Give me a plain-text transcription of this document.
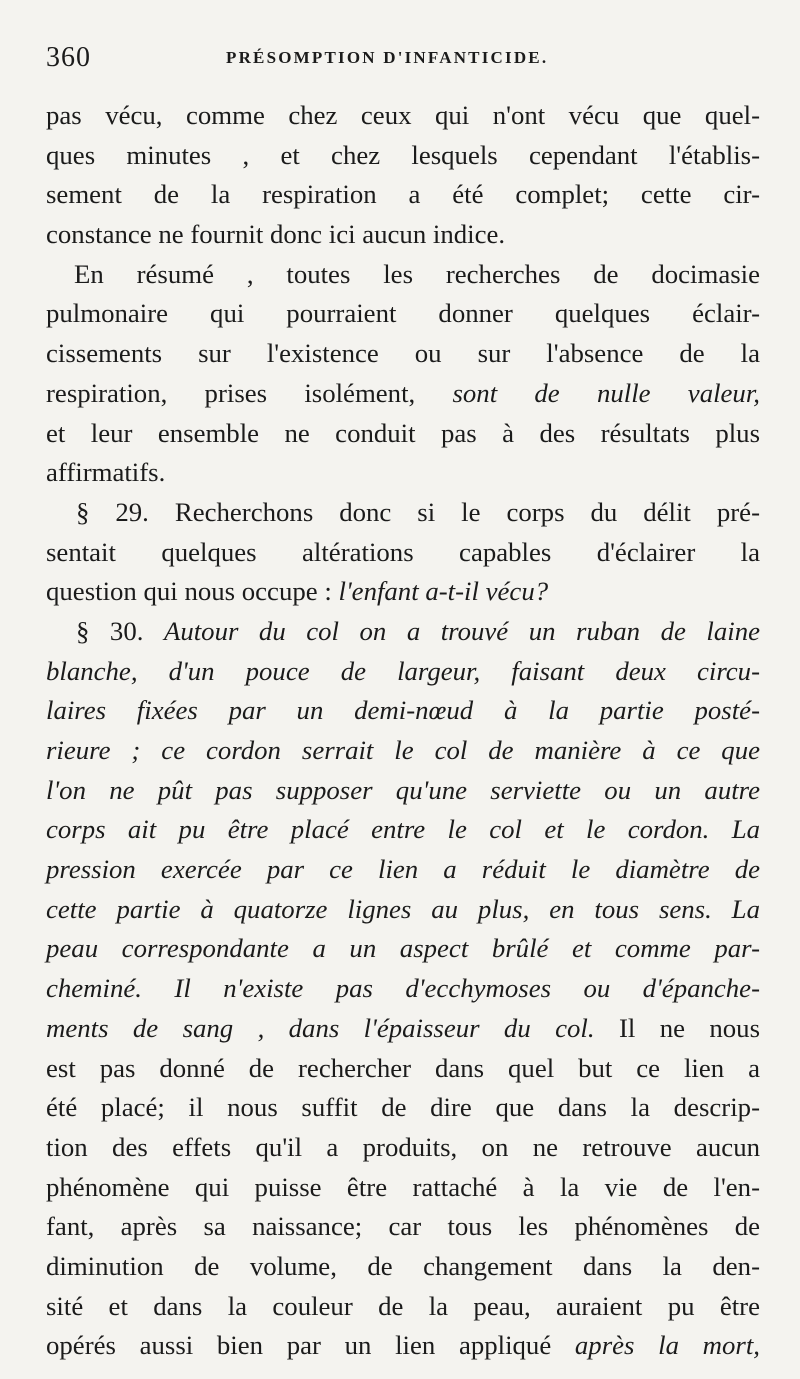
360	PRÉSOMPTION D'INFANTICIDE.
pas vécu, comme chez ceux qui n'ont vécu que quel-
ques minutes , et chez lesquels cependant l'établis-
sement de la respiration a été complet; cette cir-
constance ne fournit donc ici aucun indice.
En résumé , toutes les recherches de docimasie
pulmonaire qui pourraient donner quelques éclair-
cissements sur l'existence ou sur l'absence de la
respiration, prises isolément, sont de nulle valeur,
et leur ensemble ne conduit pas à des résultats plus
affirmatifs.
§ 29. Recherchons donc si le corps du délit pré-
sentait quelques altérations capables d'éclairer la
question qui nous occupe : l'enfant a-t-il vécu?
§ 30. Autour du col on a trouvé un ruban de laine
blanche, d'un pouce de largeur, faisant deux circu-
laires fixées par un demi-nœud à la partie posté-
rieure ; ce cordon serrait le col de manière à ce que
l'on ne pût pas supposer qu'une serviette ou un autre
corps ait pu être placé entre le col et le cordon. La
pression exercée par ce lien a réduit le diamètre de
cette partie à quatorze lignes au plus, en tous sens. La
peau correspondante a un aspect brûlé et comme par-
cheminé. Il n'existe pas d'ecchymoses ou d'épanche-
ments de sang , dans l'épaisseur du col. Il ne nous
est pas donné de rechercher dans quel but ce lien a
été placé; il nous suffit de dire que dans la descrip-
tion des effets qu'il a produits, on ne retrouve aucun
phénomène qui puisse être rattaché à la vie de l'en-
fant, après sa naissance; car tous les phénomènes de
diminution de volume, de changement dans la den-
sité et dans la couleur de la peau, auraient pu être
opérés aussi bien par un lien appliqué après la mort,
